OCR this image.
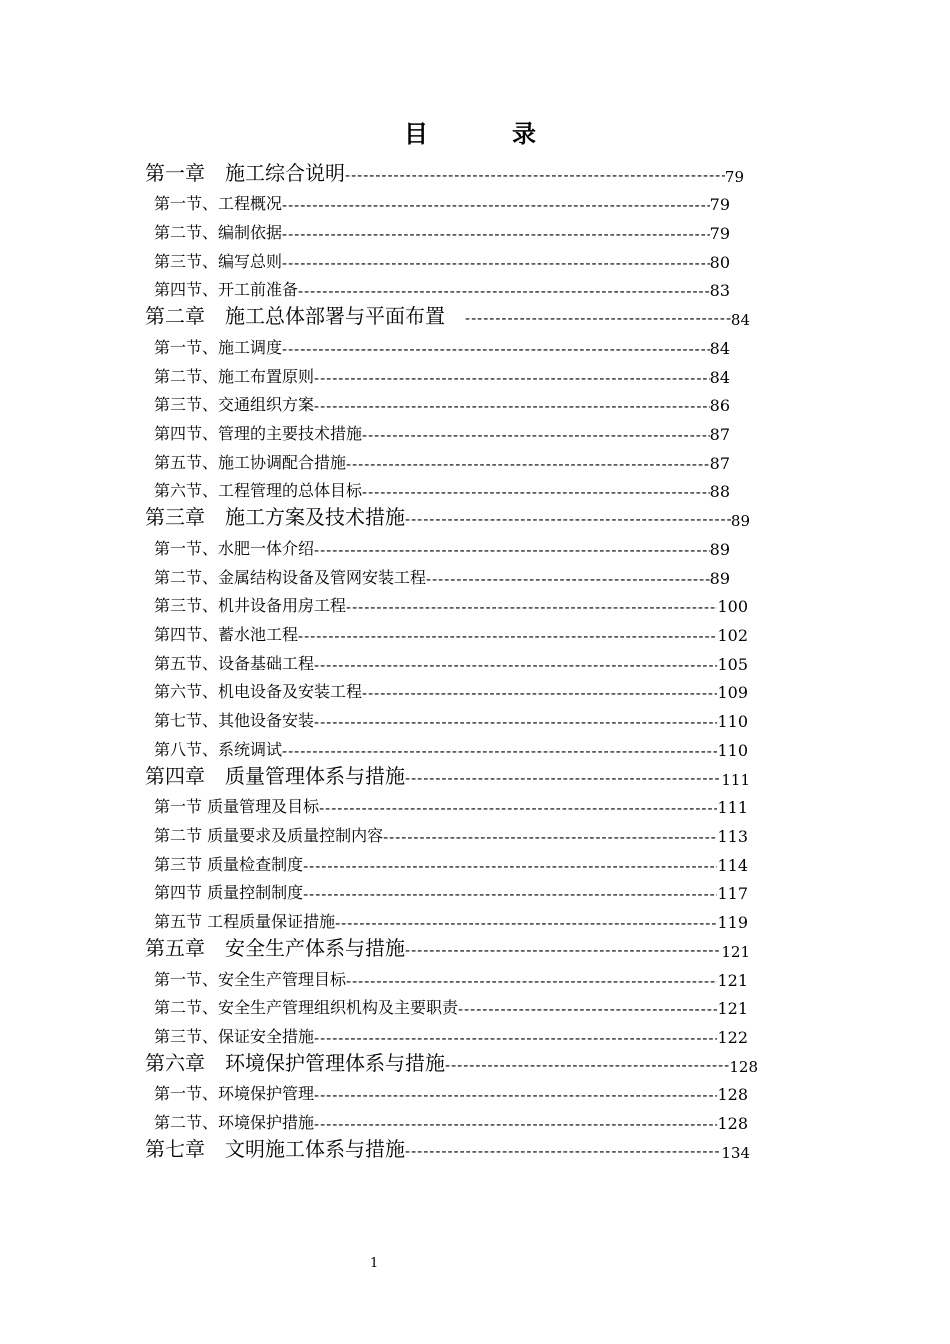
目　录
第一章　施工综合说明 -----	79
第一节、工程概况 -----	79
第二节、编制依据 -----	79
第三节、编写总则 -----	80
第四节、开工前准备 -----	83
第二章　施工总体部署与平面布置　 -----	84
第一节、施工调度 -----	84
第二节、施工布置原则 -----	84
第三节、交通组织方案 -----	86
第四节、管理的主要技术措施 -----	87
第五节、施工协调配合措施 -----	87
第六节、工程管理的总体目标 -----	88
第三章　施工方案及技术措施 -----	89
第一节、水肥一体介绍 -----	89
第二节、金属结构设备及管网安装工程 -----	89
第三节、机井设备用房工程 -----	100
第四节、蓄水池工程 -----	102
第五节、设备基础工程 -----	105
第六节、机电设备及安装工程 -----	109
第七节、其他设备安装 -----	110
第八节、系统调试 -----	110
第四章　质量管理体系与措施 -----	111
第一节 质量管理及目标 -----	111
第二节 质量要求及质量控制内容 -----	113
第三节 质量检查制度 -----	114
第四节 质量控制制度 -----	117
第五节 工程质量保证措施 -----	119
第五章　安全生产体系与措施 -----	121
第一节、安全生产管理目标 -----	121
第二节、安全生产管理组织机构及主要职责 -----	121
第三节、保证安全措施 -----	122
第六章　环境保护管理体系与措施 -----	128
第一节、环境保护管理 -----	128
第二节、环境保护措施 -----	128
第七章　文明施工体系与措施 -----	134
1
